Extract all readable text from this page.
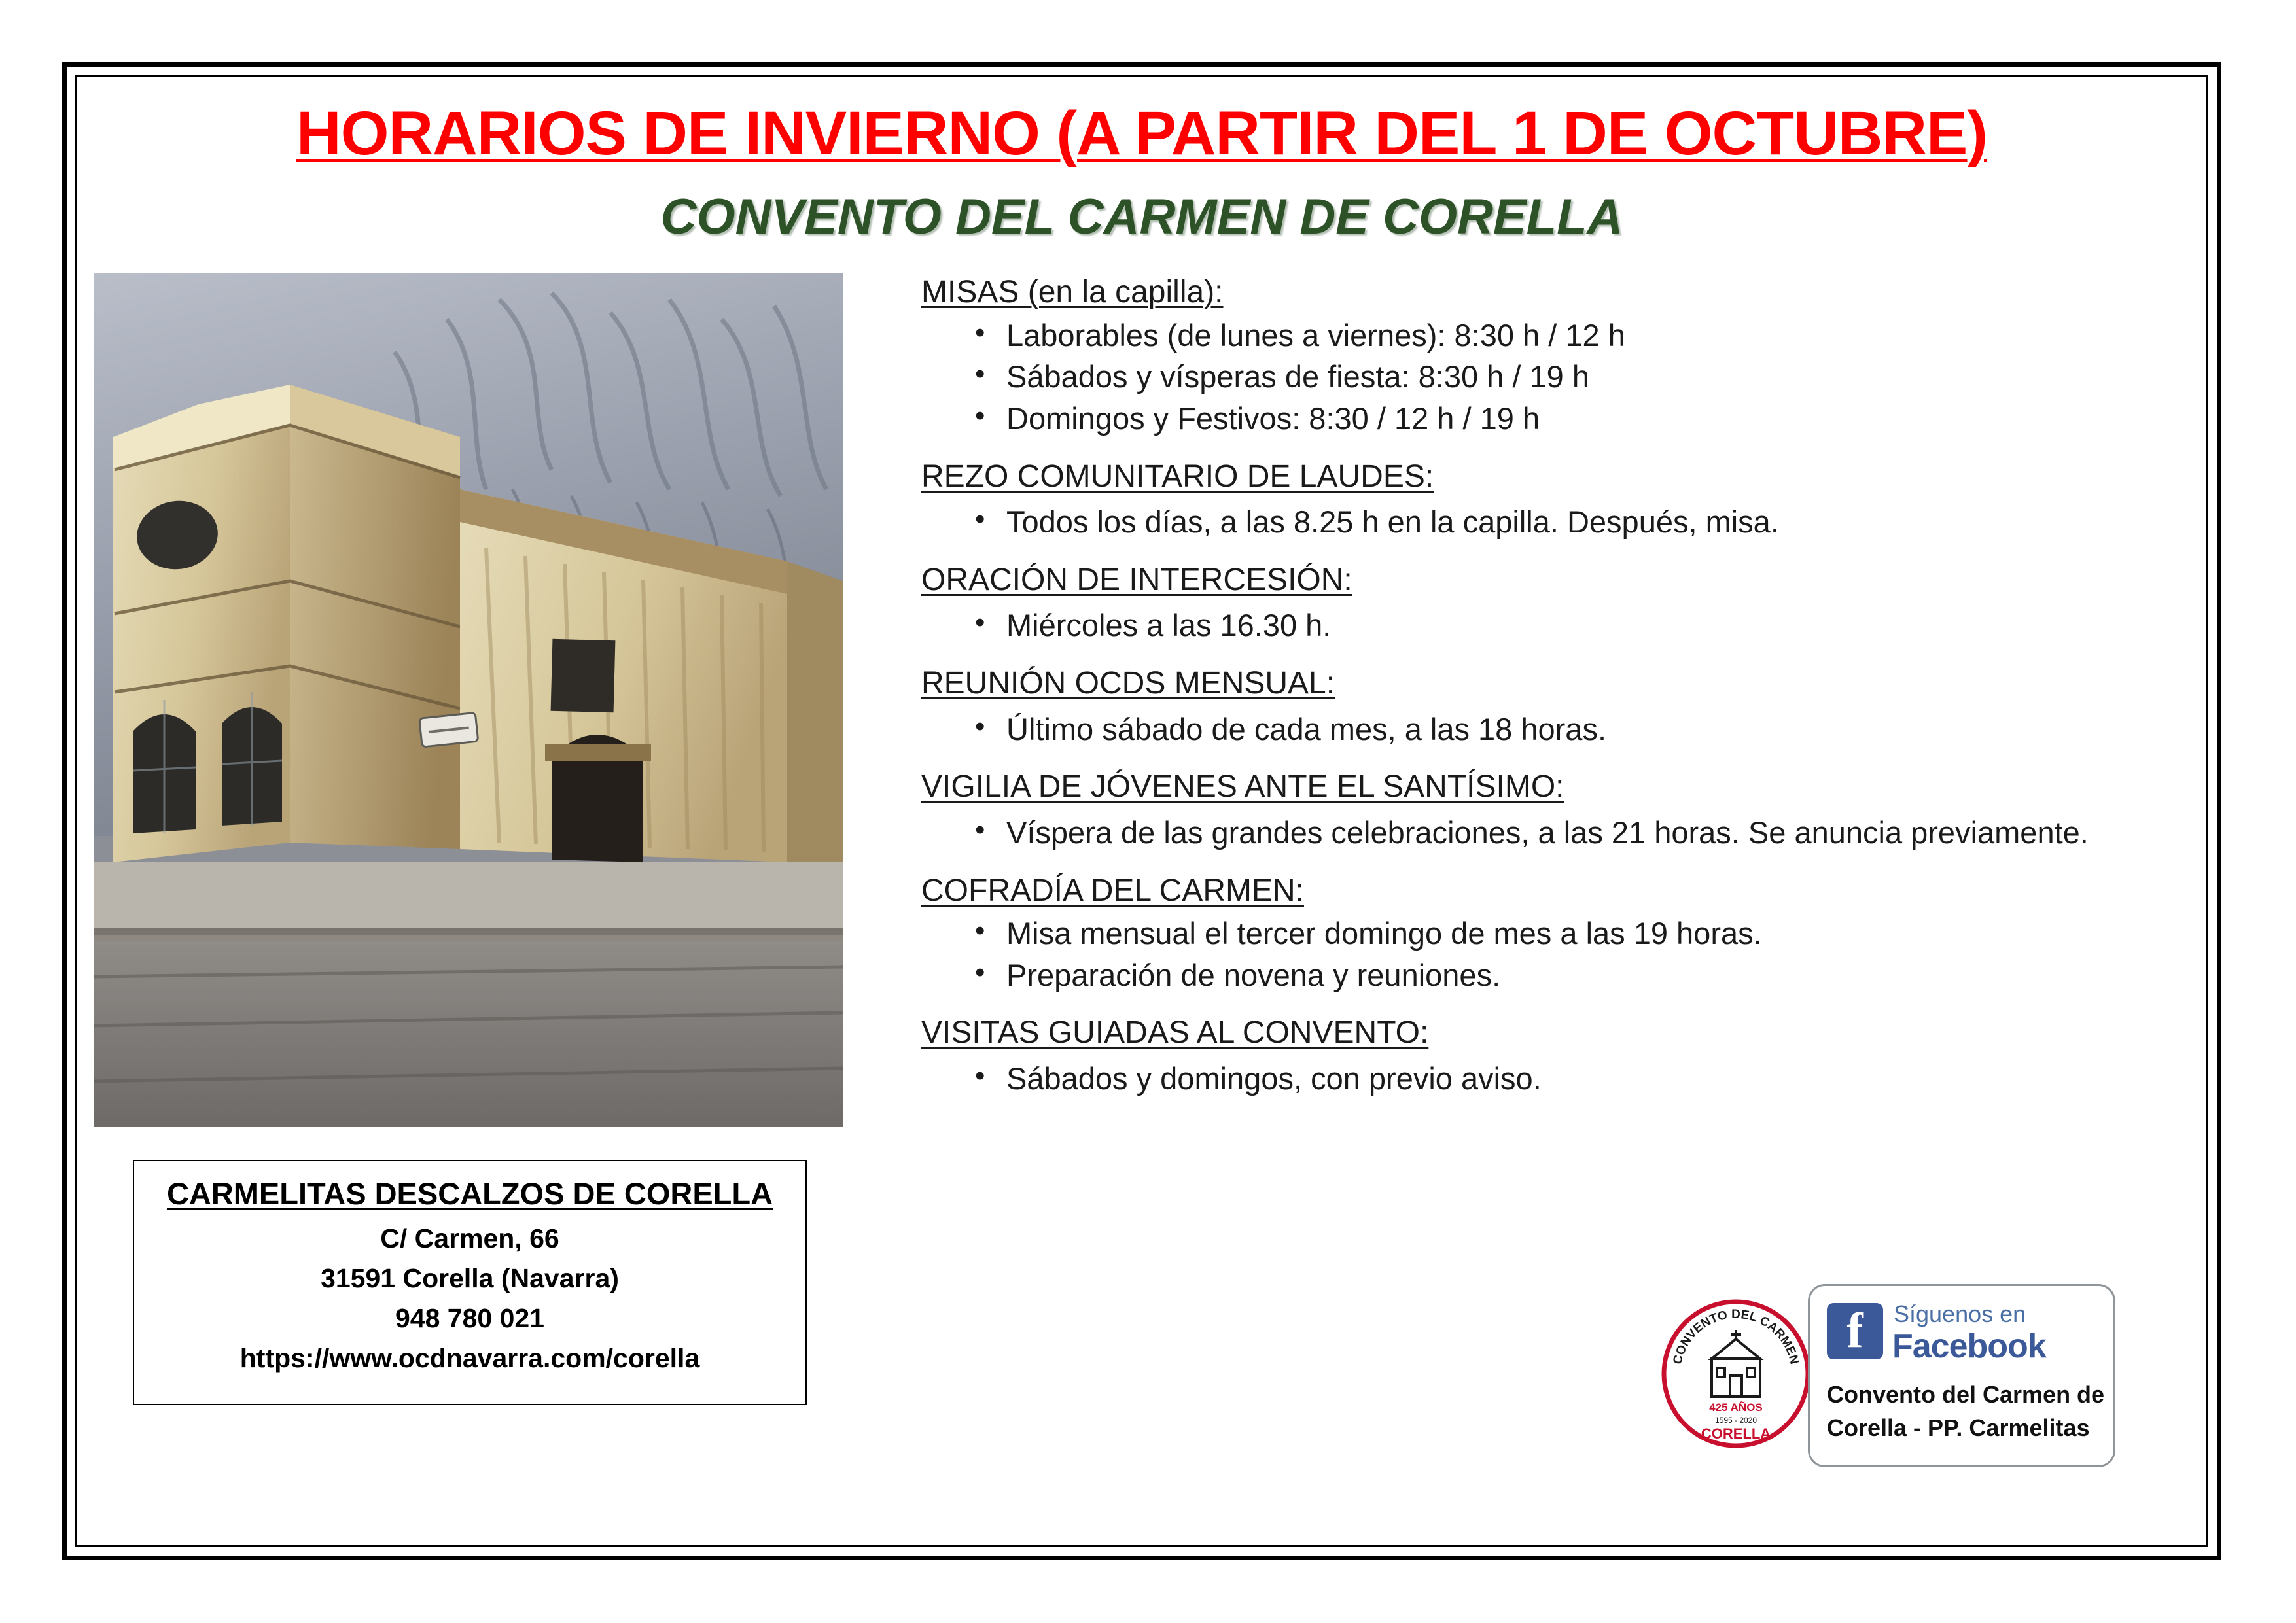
HORARIOS DE INVIERNO (A PARTIR DEL 1 DE OCTUBRE)
CONVENTO DEL CARMEN DE CORELLA
CARMELITAS DESCALZOS DE CORELLA
C/ Carmen, 66
31591 Corella (Navarra)
948 780 021
https://www.ocdnavarra.com/corella
MISAS (en la capilla):
• Laborables (de lunes a viernes): 8:30 h / 12 h
• Sábados y vísperas de fiesta: 8:30 h / 19 h
• Domingos y Festivos: 8:30 / 12 h / 19 h
REZO COMUNITARIO DE LAUDES:
• Todos los días, a las 8.25 h en la capilla. Después, misa.
ORACIÓN DE INTERCESIÓN:
• Miércoles a las 16.30 h.
REUNIÓN OCDS MENSUAL:
• Último sábado de cada mes, a las 18 horas.
VIGILIA DE JÓVENES ANTE EL SANTÍSIMO:
• Víspera de las grandes celebraciones, a las 21 horas. Se anuncia previamente.
COFRADÍA DEL CARMEN:
• Misa mensual el tercer domingo de mes a las 19 horas.
• Preparación de novena y reuniones.
VISITAS GUIADAS AL CONVENTO:
• Sábados y domingos, con previo aviso.
CONVENTO DEL CARMEN
425 AÑOS
1595 - 2020
CORELLA
f	Síguenos en
Facebook
Convento del Carmen de
Corella - PP. Carmelitas
